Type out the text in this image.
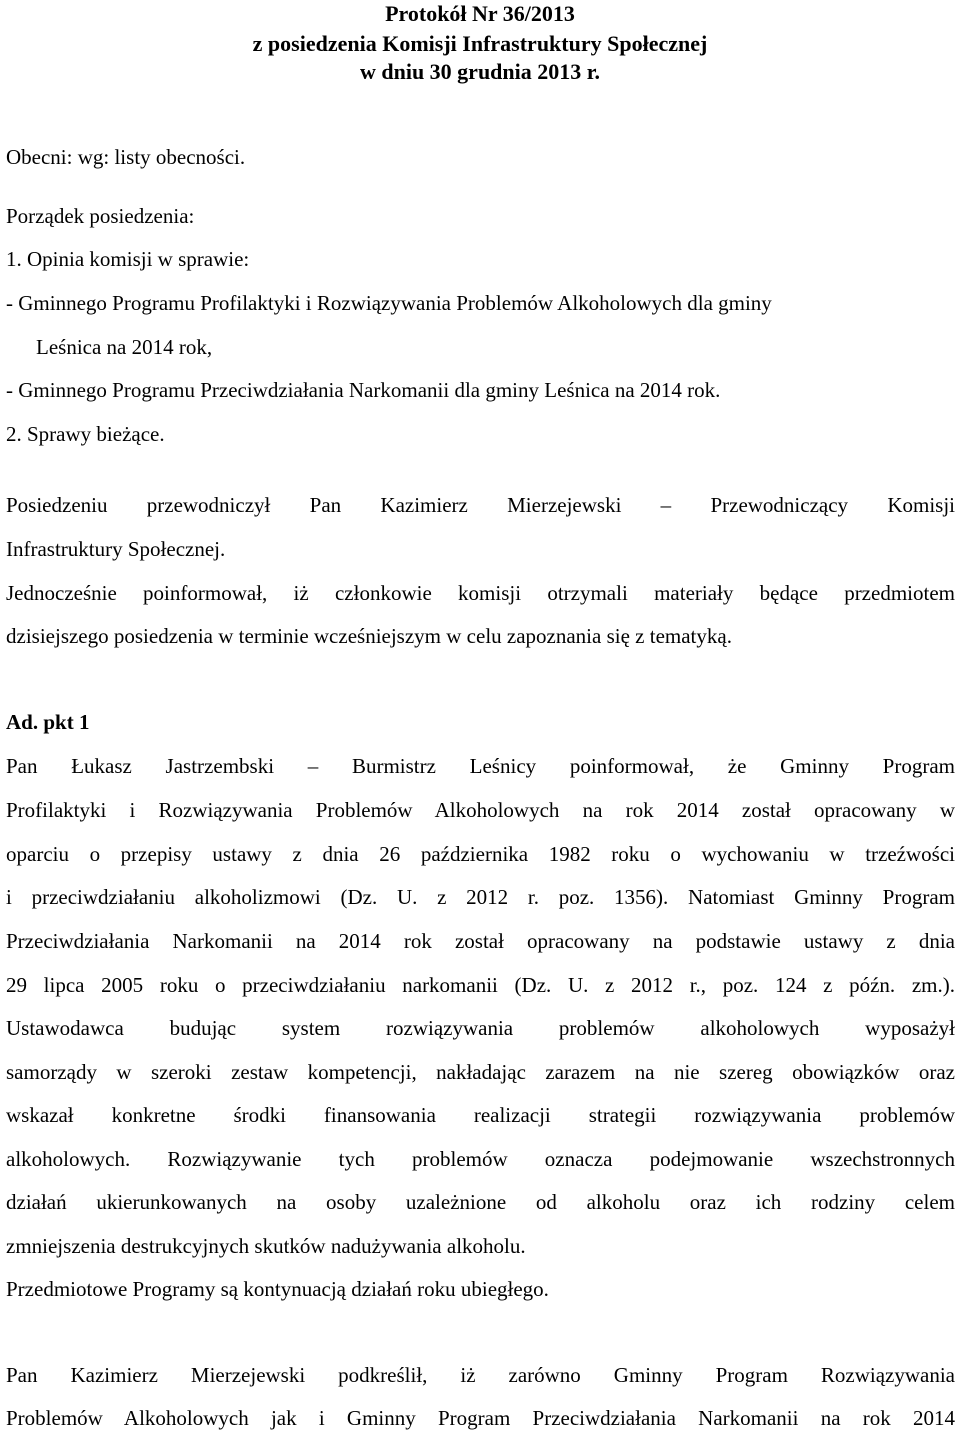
Protokół Nr 36/2013
z posiedzenia Komisji Infrastruktury Społecznej
w dniu 30 grudnia 2013 r.
Obecni: wg: listy obecności.
Porządek posiedzenia:
1. Opinia komisji w sprawie:
- Gminnego Programu Profilaktyki i Rozwiązywania Problemów Alkoholowych dla gminy
Leśnica na 2014 rok,
- Gminnego Programu Przeciwdziałania Narkomanii dla gminy Leśnica na 2014 rok.
2. Sprawy bieżące.
Posiedzeniu przewodniczył Pan Kazimierz Mierzejewski – Przewodniczący Komisji
Infrastruktury Społecznej.
Jednocześnie poinformował, iż członkowie komisji otrzymali materiały będące przedmiotem
dzisiejszego posiedzenia w terminie wcześniejszym w celu zapoznania się z tematyką.
Ad. pkt 1
Pan Łukasz Jastrzembski – Burmistrz Leśnicy poinformował, że Gminny Program
Profilaktyki i Rozwiązywania Problemów Alkoholowych na rok 2014 został opracowany w
oparciu o przepisy ustawy z dnia 26 października 1982 roku o wychowaniu w trzeźwości
i przeciwdziałaniu alkoholizmowi (Dz. U. z 2012 r. poz. 1356). Natomiast Gminny Program
Przeciwdziałania Narkomanii na 2014 rok został opracowany na podstawie ustawy z dnia
29 lipca 2005 roku o przeciwdziałaniu narkomanii (Dz. U. z 2012 r., poz. 124 z późn. zm.).
Ustawodawca budując system rozwiązywania problemów alkoholowych wyposażył
samorządy w szeroki zestaw kompetencji, nakładając zarazem na nie szereg obowiązków oraz
wskazał konkretne środki finansowania realizacji strategii rozwiązywania problemów
alkoholowych. Rozwiązywanie tych problemów oznacza podejmowanie wszechstronnych
działań ukierunkowanych na osoby uzależnione od alkoholu oraz ich rodziny celem
zmniejszenia destrukcyjnych skutków nadużywania alkoholu.
Przedmiotowe Programy są kontynuacją działań roku ubiegłego.
Pan Kazimierz Mierzejewski podkreślił, iż zarówno Gminny Program Rozwiązywania
Problemów Alkoholowych jak i Gminny Program Przeciwdziałania Narkomanii na rok 2014
